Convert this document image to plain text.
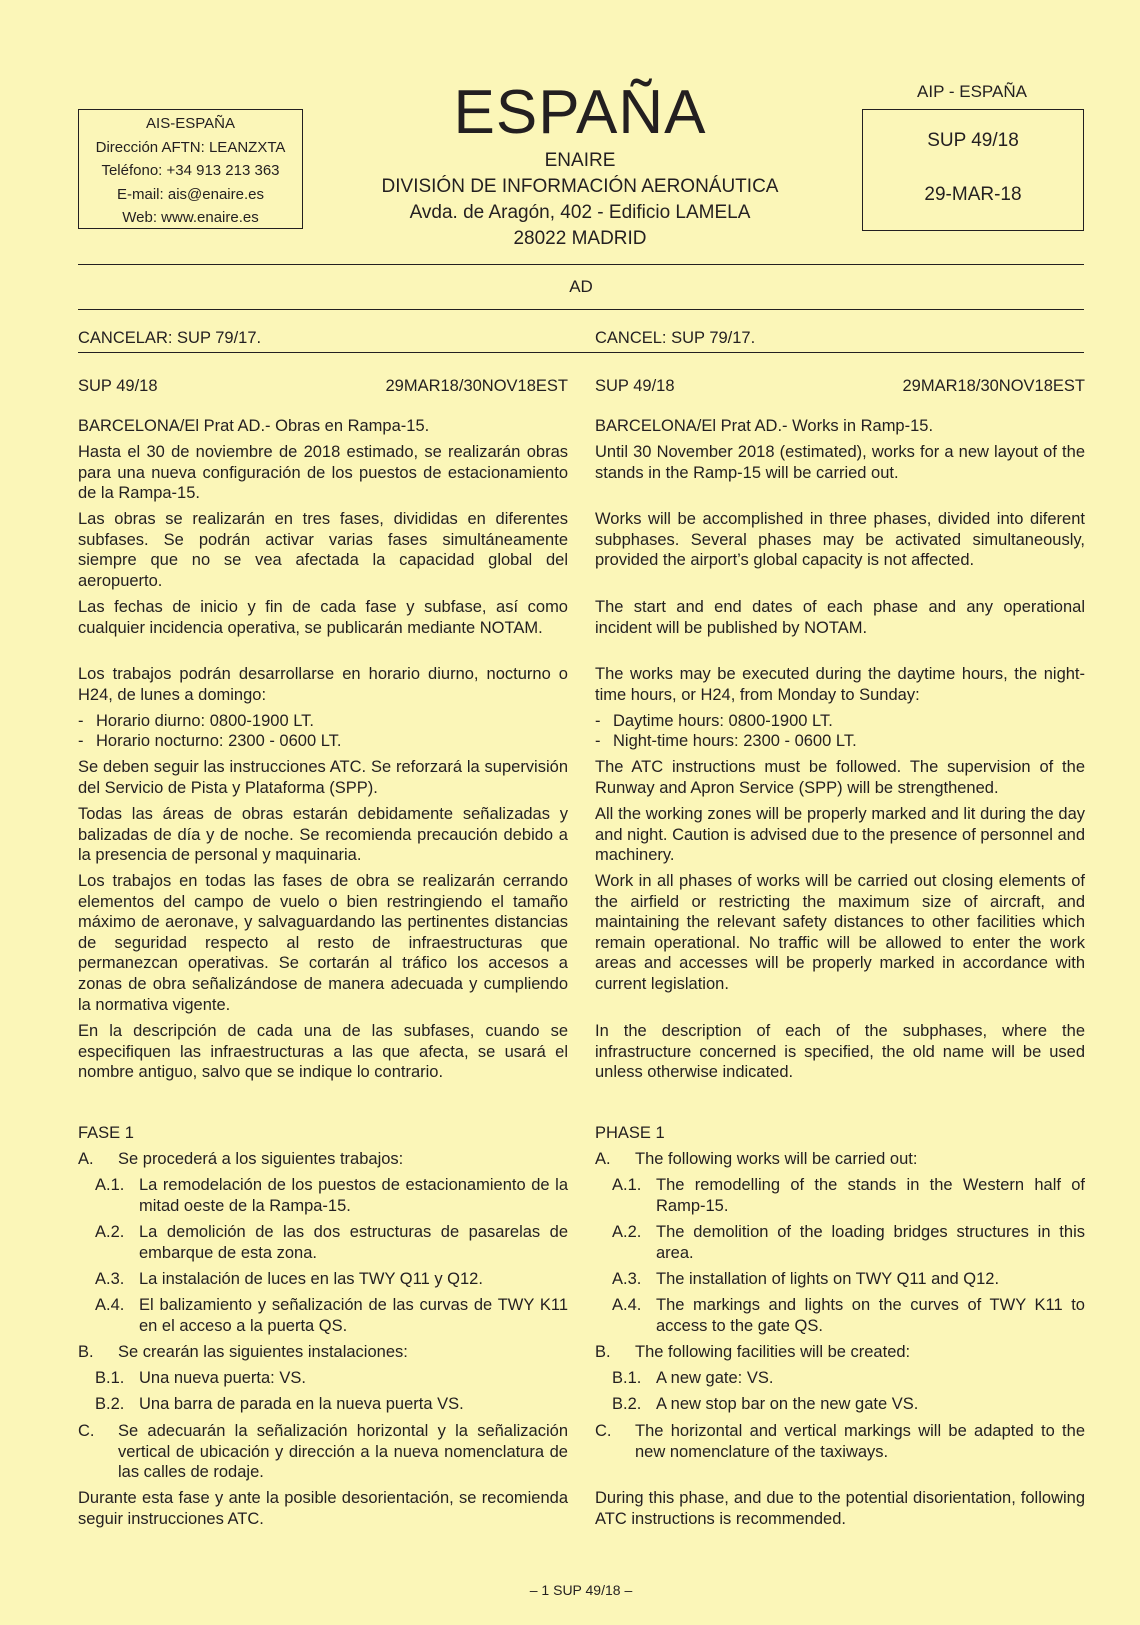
AIS-ESPAÑA
Dirección AFTN: LEANZXTA
Teléfono: +34 913 213 363
E-mail: ais@enaire.es
Web: www.enaire.es
ESPAÑA
ENAIRE
DIVISIÓN DE INFORMACIÓN AERONÁUTICA
Avda. de Aragón, 402 - Edificio LAMELA
28022 MADRID
AIP - ESPAÑA
SUP 49/18
29-MAR-18
AD
CANCELAR: SUP 79/17.	CANCEL: SUP 79/17.
SUP 49/18	29MAR18/30NOV18EST SUP 49/18	29MAR18/30NOV18EST

BARCELONA/El Prat AD.- Obras en Rampa-15.

Hasta el 30 de noviembre de 2018 estimado, se realizarán obras para una nueva configuración de los puestos de estacionamiento de la Rampa-15.

Las obras se realizarán en tres fases, divididas en diferentes subfases. Se podrán activar varias fases simultáneamente siempre que no se vea afectada la capacidad global del aeropuerto.

Las fechas de inicio y fin de cada fase y subfase, así como cualquier incidencia operativa, se publicarán mediante NOTAM.

Los trabajos podrán desarrollarse en horario diurno, nocturno o H24, de lunes a domingo:

- Horario diurno: 0800-1900 LT.
- Horario nocturno: 2300 - 0600 LT.

Se deben seguir las instrucciones ATC. Se reforzará la supervisión del Servicio de Pista y Plataforma (SPP).

Todas las áreas de obras estarán debidamente señalizadas y balizadas de día y de noche. Se recomienda precaución debido a la presencia de personal y maquinaria.

Los trabajos en todas las fases de obra se realizarán cerrando elementos del campo de vuelo o bien restringiendo el tamaño máximo de aeronave, y salvaguardando las pertinentes distancias de seguridad respecto al resto de infraestructuras que permanezcan operativas. Se cortarán al tráfico los accesos a zonas de obra señalizándose de manera adecuada y cumpliendo la normativa vigente.

En la descripción de cada una de las subfases, cuando se especifiquen las infraestructuras a las que afecta, se usará el nombre antiguo, salvo que se indique lo contrario.

FASE 1

A.	Se procederá a los siguientes trabajos:
A.1. La remodelación de los puestos de estacionamiento de la mitad oeste de la Rampa-15.
A.2. La demolición de las dos estructuras de pasarelas de embarque de esta zona.
A.3. La instalación de luces en las TWY Q11 y Q12.
A.4. El balizamiento y señalización de las curvas de TWY K11 en el acceso a la puerta QS.
B.	Se crearán las siguientes instalaciones:
B.1. Una nueva puerta: VS.
B.2. Una barra de parada en la nueva puerta VS.
C.	Se adecuarán la señalización horizontal y la señalización vertical de ubicación y dirección a la nueva nomenclatura de las calles de rodaje.

Durante esta fase y ante la posible desorientación, se recomienda seguir instrucciones ATC.

BARCELONA/El Prat AD.- Works in Ramp-15.

Until 30 November 2018 (estimated), works for a new layout of the stands in the Ramp-15 will be carried out.

Works will be accomplished in three phases, divided into diferent subphases. Several phases may be activated simultaneously, provided the airport’s global capacity is not affected.

The start and end dates of each phase and any operational incident will be published by NOTAM.

The works may be executed during the daytime hours, the night-time hours, or H24, from Monday to Sunday:

- Daytime hours: 0800-1900 LT.
- Night-time hours: 2300 - 0600 LT.

The ATC instructions must be followed. The supervision of the Runway and Apron Service (SPP) will be strengthened.

All the working zones will be properly marked and lit during the day and night. Caution is advised due to the presence of personnel and machinery.

Work in all phases of works will be carried out closing elements of the airfield or restricting the maximum size of aircraft, and maintaining the relevant safety distances to other facilities which remain operational. No traffic will be allowed to enter the work areas and accesses will be properly marked in accordance with current legislation.

In the description of each of the subphases, where the infrastructure concerned is specified, the old name will be used unless otherwise indicated.

PHASE 1

A.	The following works will be carried out:
A.1. The remodelling of the stands in the Western half of Ramp-15.
A.2. The demolition of the loading bridges structures in this area.
A.3. The installation of lights on TWY Q11 and Q12.
A.4. The markings and lights on the curves of TWY K11 to access to the gate QS.
B.	The following facilities will be created:
B.1. A new gate: VS.
B.2. A new stop bar on the new gate VS.
C.	The horizontal and vertical markings will be adapted to the new nomenclature of the taxiways.

During this phase, and due to the potential disorientation, following ATC instructions is recommended.

– 1 SUP 49/18 –
